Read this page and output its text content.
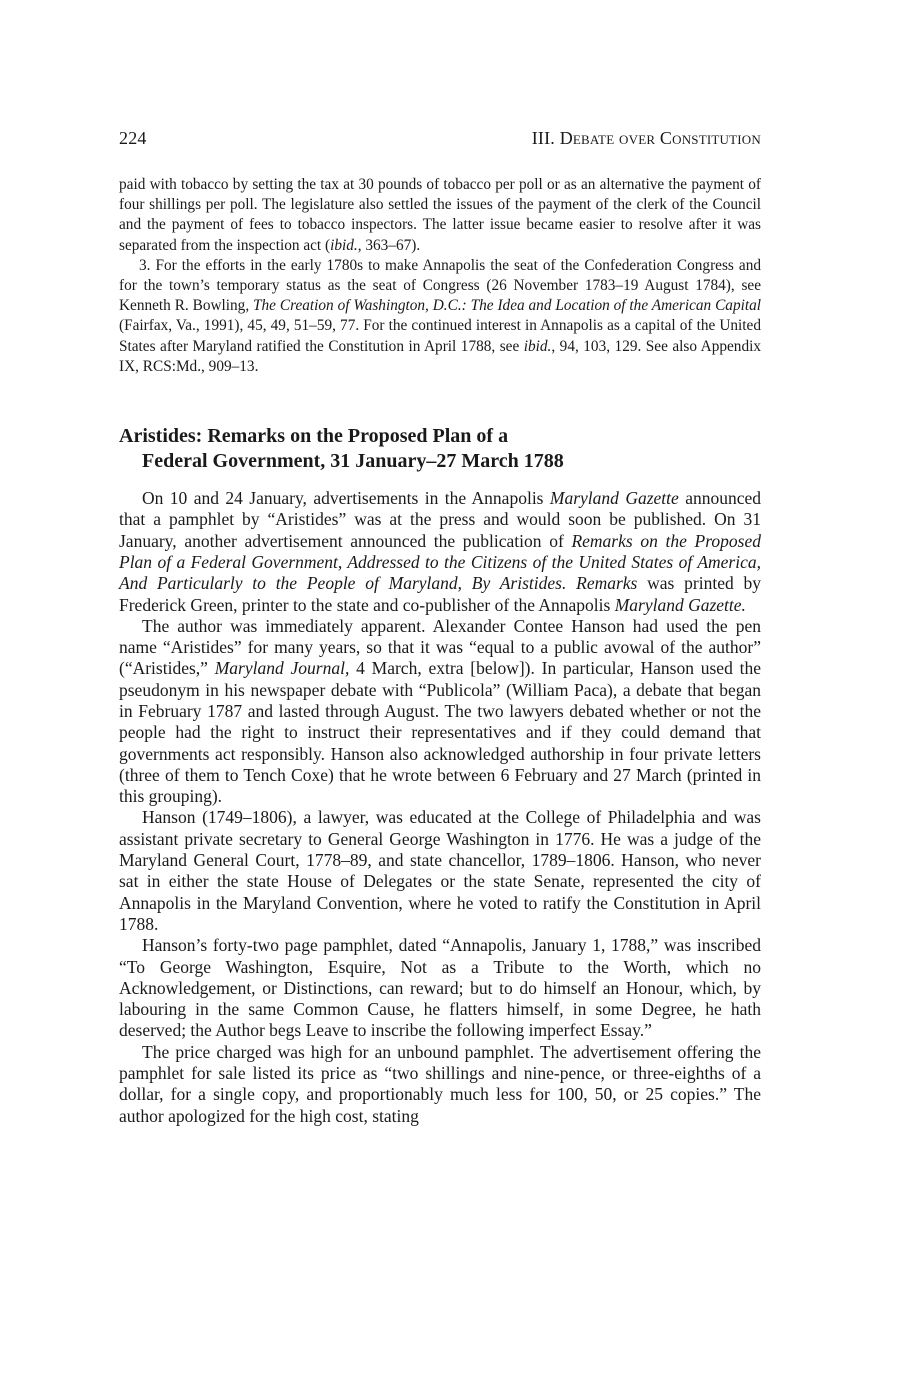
224	III. Debate over Constitution

paid with tobacco by setting the tax at 30 pounds of tobacco per poll or as an alternative the payment of four shillings per poll. The legislature also settled the issues of the payment of the clerk of the Council and the payment of fees to tobacco inspectors. The latter issue became easier to resolve after it was separated from the inspection act (ibid., 363–67).

3. For the efforts in the early 1780s to make Annapolis the seat of the Confederation Congress and for the town’s temporary status as the seat of Congress (26 November 1783–19 August 1784), see Kenneth R. Bowling, The Creation of Washington, D.C.: The Idea and Location of the American Capital (Fairfax, Va., 1991), 45, 49, 51–59, 77. For the continued interest in Annapolis as a capital of the United States after Maryland ratified the Constitution in April 1788, see ibid., 94, 103, 129. See also Appendix IX, RCS:Md., 909–13.

Aristides: Remarks on the Proposed Plan of a
Federal Government, 31 January–27 March 1788

On 10 and 24 January, advertisements in the Annapolis Maryland Gazette announced that a pamphlet by “Aristides” was at the press and would soon be published. On 31 January, another advertisement announced the publication of Remarks on the Proposed Plan of a Federal Government, Addressed to the Citizens of the United States of America, And Particularly to the People of Maryland, By Aristides. Remarks was printed by Frederick Green, printer to the state and co-publisher of the Annapolis Maryland Gazette.

The author was immediately apparent. Alexander Contee Hanson had used the pen name “Aristides” for many years, so that it was “equal to a public avowal of the author” (“Aristides,” Maryland Journal, 4 March, extra [below]). In particular, Hanson used the pseudonym in his newspaper debate with “Publicola” (William Paca), a debate that began in February 1787 and lasted through August. The two lawyers debated whether or not the people had the right to instruct their representatives and if they could demand that governments act responsibly. Hanson also acknowledged authorship in four private letters (three of them to Tench Coxe) that he wrote between 6 February and 27 March (printed in this grouping).

Hanson (1749–1806), a lawyer, was educated at the College of Philadelphia and was assistant private secretary to General George Washington in 1776. He was a judge of the Maryland General Court, 1778–89, and state chancellor, 1789–1806. Hanson, who never sat in either the state House of Delegates or the state Senate, represented the city of Annapolis in the Maryland Convention, where he voted to ratify the Constitution in April 1788.

Hanson’s forty-two page pamphlet, dated “Annapolis, January 1, 1788,” was inscribed “To George Washington, Esquire, Not as a Tribute to the Worth, which no Acknowledgement, or Distinctions, can reward; but to do himself an Honour, which, by labouring in the same Common Cause, he flatters himself, in some Degree, he hath deserved; the Author begs Leave to inscribe the following imperfect Essay.”

The price charged was high for an unbound pamphlet. The advertisement offering the pamphlet for sale listed its price as “two shillings and nine-pence, or three-eighths of a dollar, for a single copy, and proportionably much less for 100, 50, or 25 copies.” The author apologized for the high cost, stating
